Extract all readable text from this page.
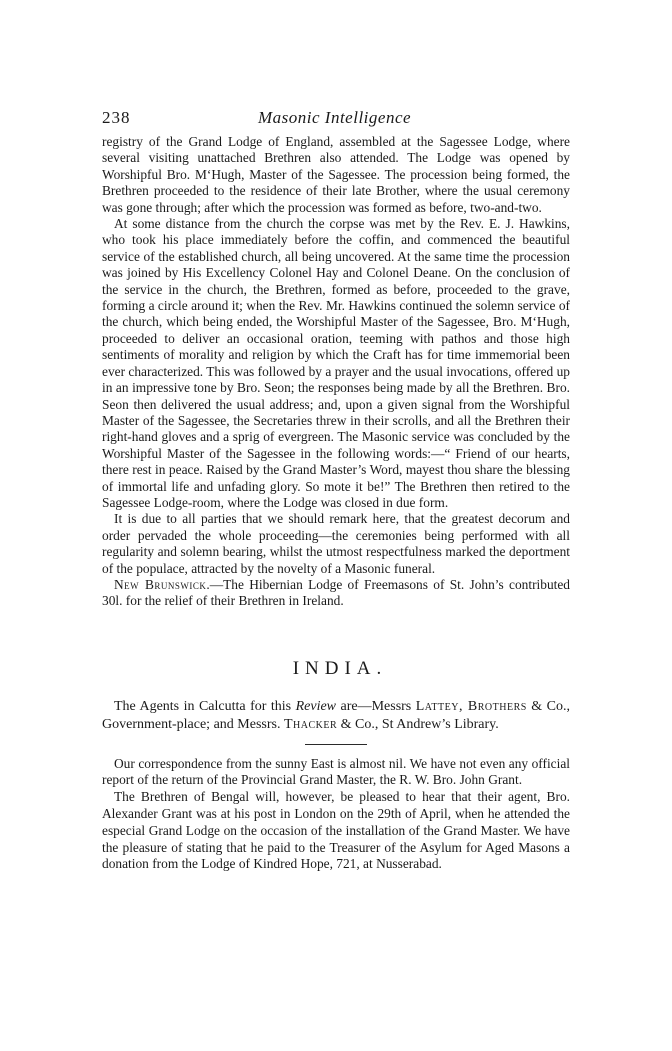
238	Masonic Intelligence

registry of the Grand Lodge of England, assembled at the Sagessee Lodge, where several visiting unattached Brethren also attended. The Lodge was opened by Worshipful Bro. M‘Hugh, Master of the Sagessee. The procession being formed, the Brethren proceeded to the residence of their late Brother, where the usual ceremony was gone through; after which the procession was formed as before, two-and-two.

At some distance from the church the corpse was met by the Rev. E. J. Hawkins, who took his place immediately before the coffin, and commenced the beautiful service of the established church, all being uncovered. At the same time the procession was joined by His Excellency Colonel Hay and Colonel Deane. On the conclusion of the service in the church, the Brethren, formed as before, proceeded to the grave, forming a circle around it; when the Rev. Mr. Hawkins continued the solemn service of the church, which being ended, the Worshipful Master of the Sagessee, Bro. M‘Hugh, proceeded to deliver an occasional oration, teeming with pathos and those high sentiments of morality and religion by which the Craft has for time immemorial been ever characterized. This was followed by a prayer and the usual invocations, offered up in an impressive tone by Bro. Seon; the responses being made by all the Brethren. Bro. Seon then delivered the usual address; and, upon a given signal from the Worshipful Master of the Sagessee, the Secretaries threw in their scrolls, and all the Brethren their right-hand gloves and a sprig of evergreen. The Masonic service was concluded by the Worshipful Master of the Sagessee in the following words:—“ Friend of our hearts, there rest in peace. Raised by the Grand Master’s Word, mayest thou share the blessing of immortal life and unfading glory. So mote it be!” The Brethren then retired to the Sagessee Lodge-room, where the Lodge was closed in due form.

It is due to all parties that we should remark here, that the greatest decorum and order pervaded the whole proceeding—the ceremonies being performed with all regularity and solemn bearing, whilst the utmost respectfulness marked the deportment of the populace, attracted by the novelty of a Masonic funeral.

New Brunswick.—The Hibernian Lodge of Freemasons of St. John’s contributed 30l. for the relief of their Brethren in Ireland.

INDIA.

The Agents in Calcutta for this Review are—Messrs Lattey, Brothers & Co., Government-place; and Messrs. Thacker & Co., St Andrew’s Library.

Our correspondence from the sunny East is almost nil. We have not even any official report of the return of the Provincial Grand Master, the R. W. Bro. John Grant.

The Brethren of Bengal will, however, be pleased to hear that their agent, Bro. Alexander Grant was at his post in London on the 29th of April, when he attended the especial Grand Lodge on the occasion of the installation of the Grand Master. We have the pleasure of stating that he paid to the Treasurer of the Asylum for Aged Masons a donation from the Lodge of Kindred Hope, 721, at Nusserabad.
